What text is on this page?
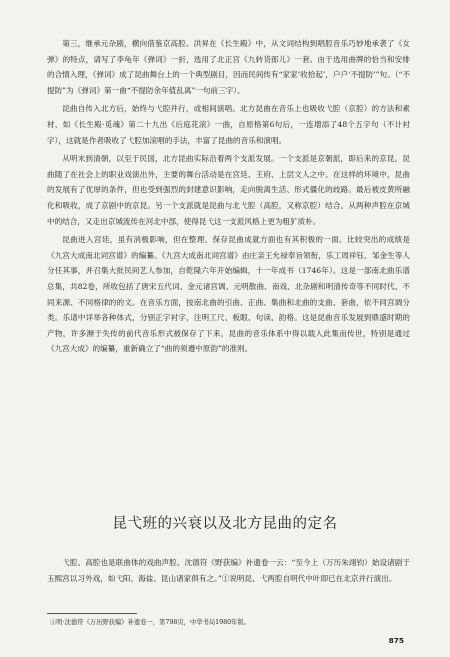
第三，继承元杂剧，横向借鉴京高腔。洪昇在《长生殿》中，从文词结构到唱腔音乐巧妙地承袭了《女弹》的特点，请写了李龟年《弹词》一折，选用了北正宫《九转货郎儿》一套。由于选用曲牌的恰当和安排的合情入理，《弹词》成了昆曲舞台上的一个典型剧目，因而民间传有“家家‘收拾起’，户户‘不提防’”句。（“不提防”为《弹词》第一曲“不提防余年值乱离”一句前三字）。

昆曲自传入北方后，始终与弋腔并行，或相间演唱。北方昆曲在音乐上也吸收弋腔（京腔）的方法和素材，如《长生殿·觅魂》第二十九出《后庭花滚》一曲，自原格第6句后，一连增添了48个五字句（不计衬字），这就是作者吸收了弋腔加滚唱的手法，丰富了昆曲的音乐和演唱。

从明末到清朝，以至于民国，北方昆曲实际沿着两个支派发展。一个支派是京朝派，即后来的京昆。昆曲随了在社会上的职业戏演出外，主要的舞台活动是在宫廷、王府、上层文人之中。在这样的环境中，昆曲的发展有了优厚的条件，但也受到强烈的封建意识影响，走向脱离生活、形式僵化的歧路。最后被皮黄所融化和吸收，成了京剧中的京昆。另一个支派就是昆曲与北弋腔（高腔，又称京腔）结合。从两种声腔在京城中的结合，又走出京城流传在河北中部，使得昆弋这一支派风格上更为粗犷质朴。

昆曲进入宫廷，虽有消极影响，但在整理、保存昆曲成就方面也有其积极的一面。比较突出的成绩是《九宫大成南北词宫谱》的编纂。《九宫大成南北词宫谱》由庄亲王允禄奉旨领衔，乐工周祥钰、邹金生等人分任其事，并召集大批民间艺人参加，自乾隆六年开始编辑，十一年成书（1746年）。这是一部南北曲乐谱总集，共82卷，所收包括了唐宋五代词、金元诸宫调、元明散曲、南戏、北杂剧和明清传奇等不同时代、不同来源、不同格律的的文。在音乐方面，按南北曲的引曲、正曲、集曲和北曲的支曲、套曲，依不同宫调分类。乐谱中详举各种体式，分别正字衬字，注明工尺、板眼、句读、韵格。这是昆曲音乐发展到鼎盛时期的产物，许多濒于失传的前代音乐形式被保存了下来，昆曲的音乐体系中得以载入此集而传世，特别是通过《九宫大成》的编纂，重新确立了“曲的须遵中原韵”的准则。

昆弋班的兴衰以及北方昆曲的定名

弋腔、高腔也是联曲体的戏曲声腔。沈德符《野获编》补遗卷一云：“至今上（万历朱翊钧）始设诸剧于玉熙宫以习外戏，如弋阳、海盐、昆山诸家俱有之。”①说明昆、弋两腔自明代中叶即已在北京并行演出。

①明·沈德符《万历野获编》补遗卷一，第798页，中华书局1980年版。

875
